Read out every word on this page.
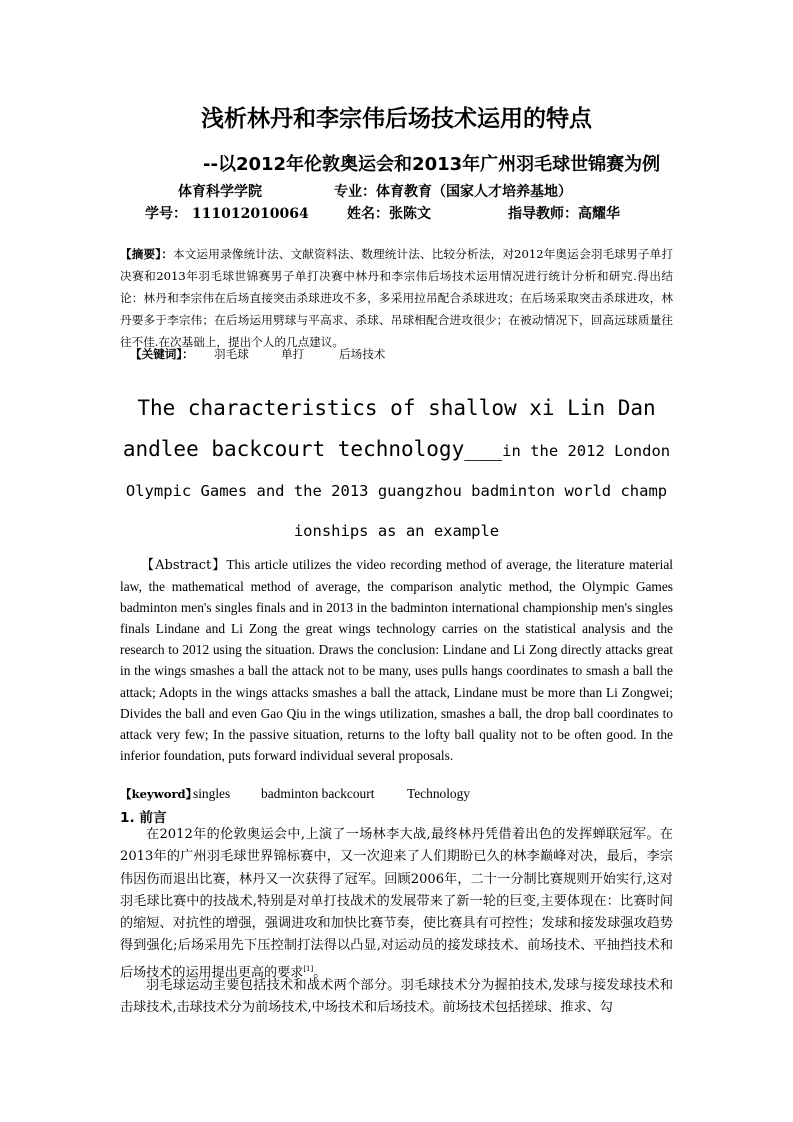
浅析林丹和李宗伟后场技术运用的特点
--以2012年伦敦奥运会和2013年广州羽毛球世锦赛为例
体育科学学院	专业：体育教育（国家人才培养基地）
学号： 111012010064	姓名：张陈文	指导教师：高耀华
【摘要】：本文运用录像统计法、文献资料法、数理统计法、比较分析法，对2012年奥运会羽毛球男子单打决赛和2013年羽毛球世锦赛男子单打决赛中林丹和李宗伟后场技术运用情况进行统计分析和研究.得出结论：林丹和李宗伟在后场直接突击杀球进攻不多，多采用拉吊配合杀球进攻；在后场采取突击杀球进攻，林丹要多于李宗伟；在后场运用劈球与平高求、杀球、吊球相配合进攻很少；在被动情况下，回高远球质量往往不佳.在次基础上，提出个人的几点建议。
【关键词】： 羽毛球	单打	后场技术
The characteristics of shallow xi Lin Dan
andlee backcourt technology___in the 2012 London
Olympic Games and the 2013 guangzhou badminton world champ
ionships as an example
【Abstract】This article utilizes the video recording method of average, the literature material law, the mathematical method of average, the comparison analytic method, the Olympic Games badminton men's singles finals and in 2013 in the badminton international championship men's singles finals Lindane and Li Zong the great wings technology carries on the statistical analysis and the research to 2012 using the situation. Draws the conclusion: Lindane and Li Zong directly attacks great in the wings smashes a ball the attack not to be many, uses pulls hangs coordinates to smash a ball the attack; Adopts in the wings attacks smashes a ball the attack, Lindane must be more than Li Zongwei; Divides the ball and even Gao Qiu in the wings utilization, smashes a ball, the drop ball coordinates to attack very few; In the passive situation, returns to the lofty ball quality not to be often good. In the inferior foundation, puts forward individual several proposals.
【keyword】
singles badminton backcourt Technology
1. 前言
在2012年的伦敦奥运会中,上演了一场林李大战,最终林丹凭借着出色的发挥蝉联冠军。在2013年的广州羽毛球世界锦标赛中，又一次迎来了人们期盼已久的林李巅峰对决，最后，李宗伟因伤而退出比赛，林丹又一次获得了冠军。回顾2006年，二十一分制比赛规则开始实行,这对羽毛球比赛中的技战术,特别是对单打技战术的发展带来了新一轮的巨变,主要体现在：比赛时间的缩短、对抗性的增强，强调进攻和加快比赛节奏，使比赛具有可控性；发球和接发球强攻趋势得到强化;后场采用先下压控制打法得以凸显,对运动员的接发球技术、前场技术、平抽挡技术和后场技术的运用提出更高的要求[1]。
羽毛球运动主要包括技术和战术两个部分。羽毛球技术分为握拍技术,发球与接发球技术和击球技术,击球技术分为前场技术,中场技术和后场技术。前场技术包括搓球、推求、勾
